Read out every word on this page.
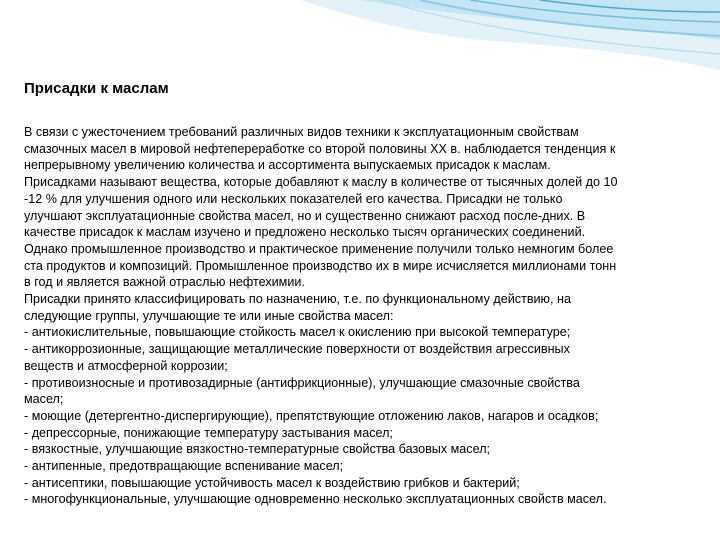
Присадки к маслам
В связи с ужесточением требований различных видов техники к эксплуатационным свойствам
смазочных масел в мировой нефтепереработке со второй половины XX в. наблюдается тенденция к
непрерывному увеличению количества и ассортимента выпускаемых присадок к маслам.
Присадками называют вещества, которые добавляют к маслу в количестве от тысячных долей до 10
-12 % для улучшения одного или нескольких показателей его качества. Присадки не только
улучшают эксплуатационные свойства масел, но и существенно снижают расход после-дних. В
качестве присадок к маслам изучено и предложено несколько тысяч органических соединений.
Однако промышленное производство и практическое применение получили только немногим более
ста продуктов и композиций. Промышленное производство их в мире исчисляется миллионами тонн
в год и является важной отраслью нефтехимии.
Присадки принято классифицировать по назначению, т.е. по функциональному действию, на
следующие группы, улучшающие те или иные свойства масел:
- антиокислительные, повышающие стойкость масел к окислению при высокой температуре;
- антикоррозионные, защищающие металлические поверхности от воздействия агрессивных
веществ и атмосферной коррозии;
- противоизносные и противозадирные (антифрикционные), улучшающие смазочные свойства
масел;
- моющие (детергентно-диспергирующие), препятствующие отложению лаков, нагаров и осадков;
- депрессорные, понижающие температуру застывания масел;
- вязкостные, улучшающие вязкостно-температурные свойства базовых масел;
- антипенные, предотвращающие вспенивание масел;
- антисептики, повышающие устойчивость масел к воздействию грибков и бактерий;
- многофункциональные, улучшающие одновременно несколько эксплуатационных свойств масел.
